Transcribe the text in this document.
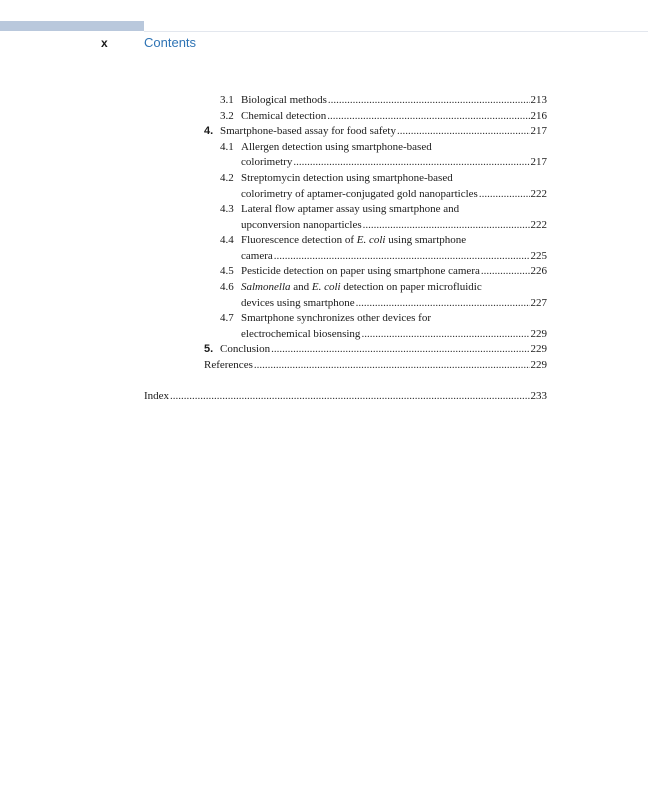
x	Contents
3.1 Biological methods .....	213
3.2 Chemical detection .....	216
4. Smartphone-based assay for food safety .....	217
4.1 Allergen detection using smartphone-based
colorimetry .....	217
4.2 Streptomycin detection using smartphone-based
colorimetry of aptamer-conjugated gold nanoparticles .....	222
4.3 Lateral flow aptamer assay using smartphone and
upconversion nanoparticles .....	222
4.4 Fluorescence detection of E. coli using smartphone
camera .....	225
4.5 Pesticide detection on paper using smartphone camera .....	226
4.6 Salmonella and E. coli detection on paper microfluidic
devices using smartphone .....	227
4.7 Smartphone synchronizes other devices for
electrochemical biosensing .....	229
5. Conclusion .....	229
References .....	229
Index .....	233
